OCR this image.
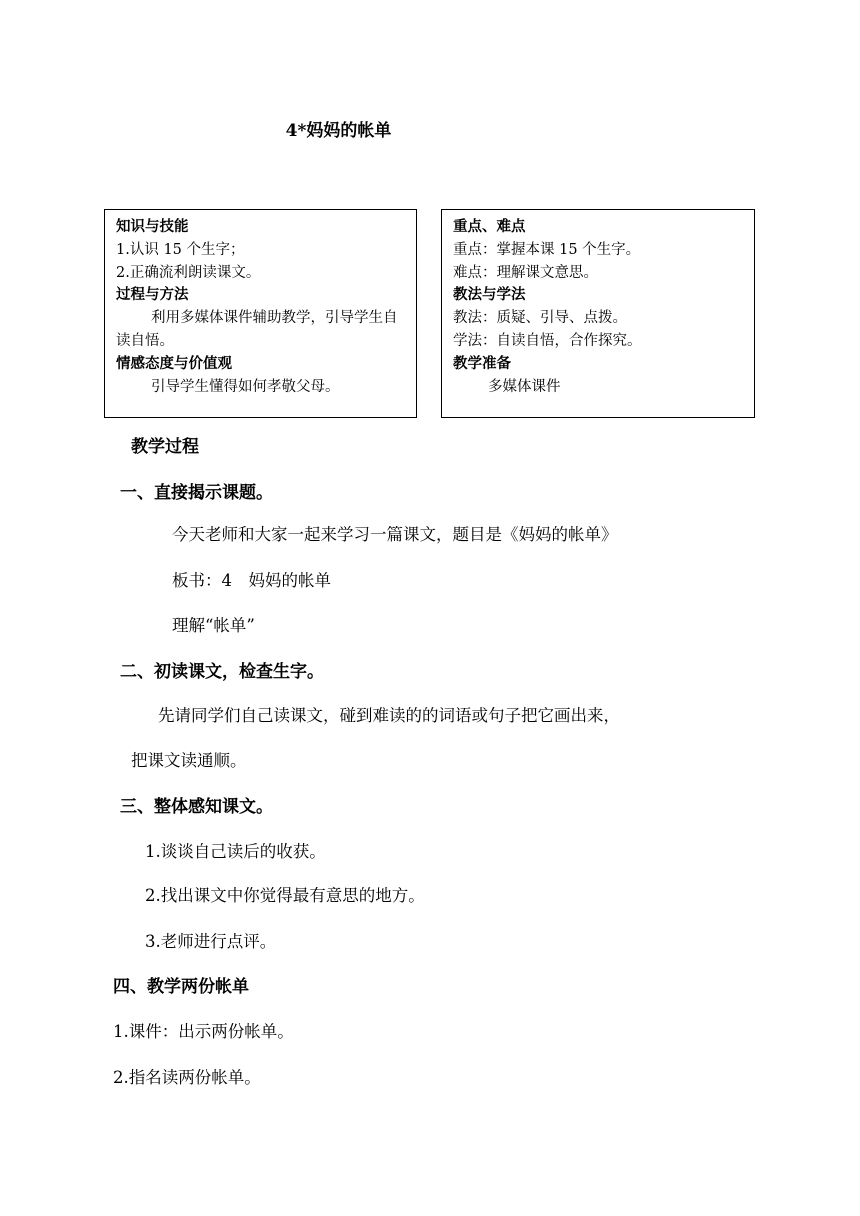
4*妈妈的帐单
知识与技能
1.认识 15 个生字；
2.正确流利朗读课文。
过程与方法
利用多媒体课件辅助教学，引导学生自读自悟。
情感态度与价值观
引导学生懂得如何孝敬父母。
重点、难点
重点：掌握本课 15 个生字。
难点：理解课文意思。
教法与学法
教法：质疑、引导、点拨。
学法：自读自悟，合作探究。
教学准备
多媒体课件
教学过程
一、直接揭示课题。
今天老师和大家一起来学习一篇课文，题目是《妈妈的帐单》
板书：4　妈妈的帐单
理解“帐单”
二、初读课文，检查生字。
先请同学们自己读课文，碰到难读的的词语或句子把它画出来，
把课文读通顺。
三、整体感知课文。
1.谈谈自己读后的收获。
2.找出课文中你觉得最有意思的地方。
3.老师进行点评。
四、教学两份帐单
1.课件：出示两份帐单。
2.指名读两份帐单。
